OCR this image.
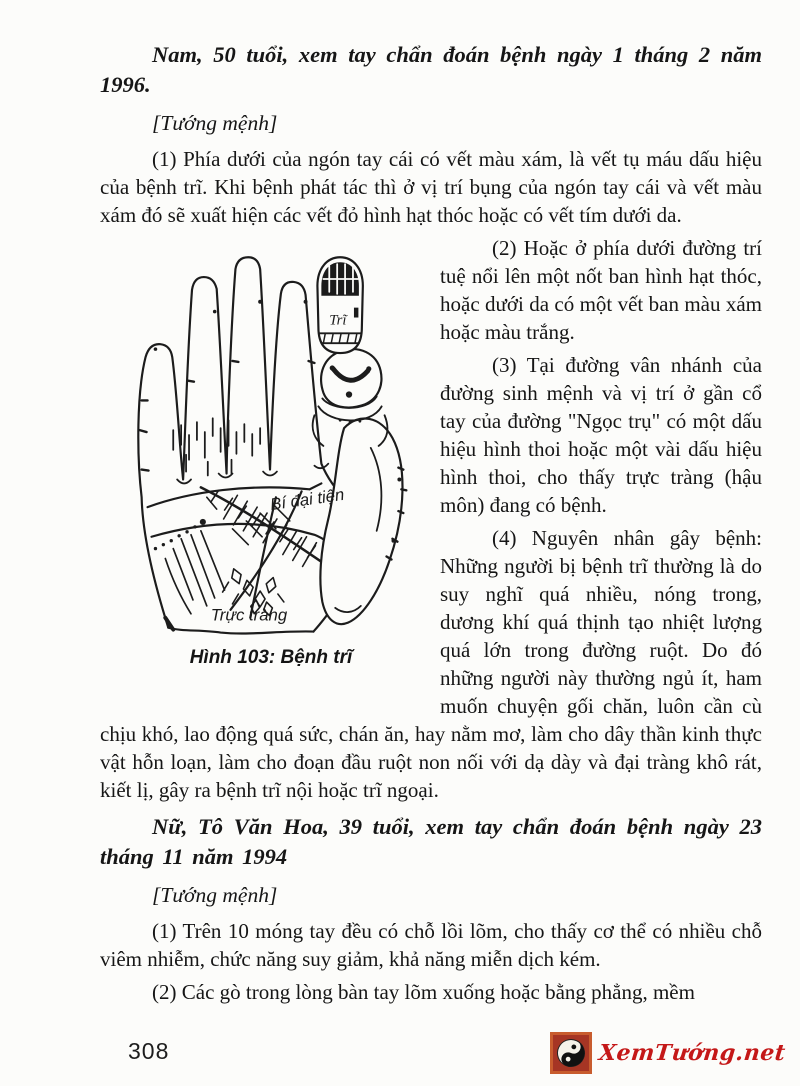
Nam, 50 tuổi, xem tay chẩn đoán bệnh ngày 1 tháng 2 năm 1996.

[Tướng mệnh]

(1) Phía dưới của ngón tay cái có vết màu xám, là vết tụ máu dấu hiệu của bệnh trĩ. Khi bệnh phát tác thì ở vị trí bụng của ngón tay cái và vết màu xám đó sẽ xuất hiện các vết đỏ hình hạt thóc hoặc có vết tím dưới da.

Trĩ
Bí đại tiện
Trực tràng
Hình 103: Bệnh trĩ

(2) Hoặc ở phía dưới đường trí tuệ nổi lên một nốt ban hình hạt thóc, hoặc dưới da có một vết ban màu xám hoặc màu trắng.

(3) Tại đường vân nhánh của đường sinh mệnh và vị trí ở gần cổ tay của đường "Ngọc trụ" có một dấu hiệu hình thoi hoặc một vài dấu hiệu hình thoi, cho thấy trực tràng (hậu môn) đang có bệnh.

(4) Nguyên nhân gây bệnh: Những người bị bệnh trĩ thường là do suy nghĩ quá nhiều, nóng trong, dương khí quá thịnh tạo nhiệt lượng quá lớn trong đường ruột. Do đó những người này thường ngủ ít, ham muốn chuyện gối chăn, luôn cần cù chịu khó, lao động quá sức, chán ăn, hay nằm mơ, làm cho dây thần kinh thực vật hỗn loạn, làm cho đoạn đầu ruột non nối với dạ dày và đại tràng khô rát, kiết lị, gây ra bệnh trĩ nội hoặc trĩ ngoại.

Nữ, Tô Văn Hoa, 39 tuổi, xem tay chẩn đoán bệnh ngày 23 tháng 11 năm 1994

[Tướng mệnh]

(1) Trên 10 móng tay đều có chỗ lồi lõm, cho thấy cơ thể có nhiều chỗ viêm nhiễm, chức năng suy giảm, khả năng miễn dịch kém.

(2) Các gò trong lòng bàn tay lõm xuống hoặc bằng phẳng, mềm

308	XemTướng.net
